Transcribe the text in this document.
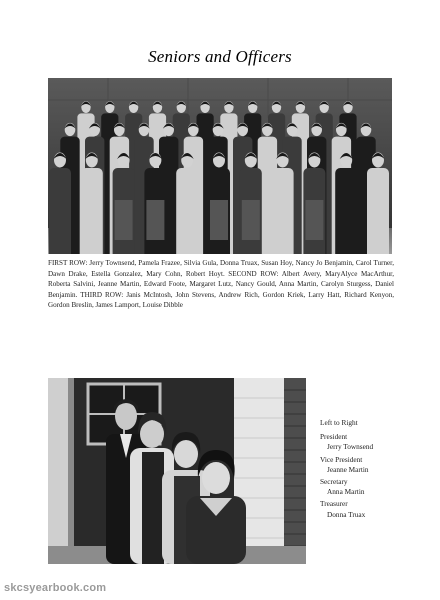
Seniors and Officers
FIRST ROW: Jerry Townsend, Pamela Frazee, Silvia Gula, Donna Truax, Susan Hoy, Nancy Jo Benjamin, Carol Turner, Dawn Drake, Estella Gonzalez, Mary Cohn, Robert Hoyt. SECOND ROW: Albert Avery, MaryAlyce MacArthur, Roberta Salvini, Jeanne Martin, Edward Foote, Margaret Lutz, Nancy Gould, Anna Martin, Carolyn Sturgess, Daniel Benjamin. THIRD ROW: Janis McIntosh, John Stevens, Andrew Rich, Gordon Kriek, Larry Hatt, Richard Kenyon, Gordon Breslin, James Lamport, Louise Dibble
Left to Right
President
Jerry Townsend
Vice President
Jeanne Martin
Secretary
Anna Martin
Treasurer
Donna Truax
skcsyearbook.com
